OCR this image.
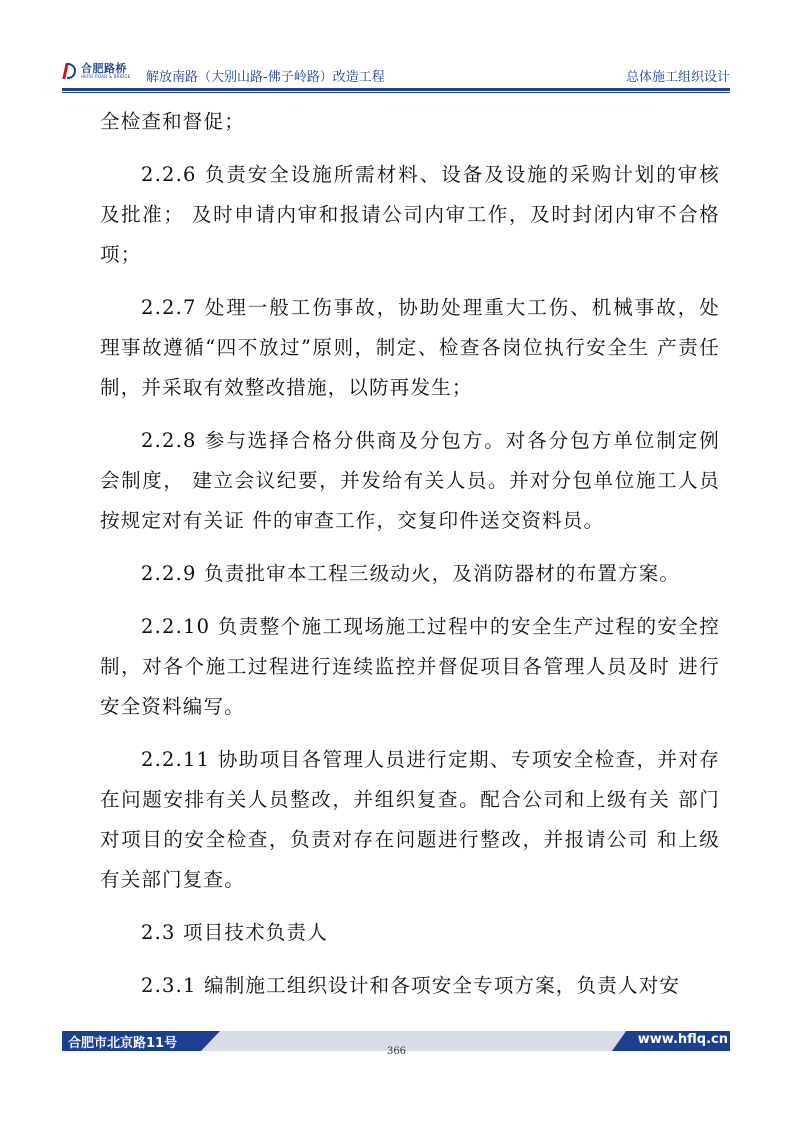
合肥路桥
HEFEI ROAD & BRIDGE 解放南路（大别山路-佛子岭路）改造工程	总体施工组织设计

全检查和督促；

2.2.6 负责安全设施所需材料、设备及设施的采购计划的审核及批准； 及时申请内审和报请公司内审工作，及时封闭内审不合格项；

2.2.7 处理一般工伤事故，协助处理重大工伤、机械事故，处理事故遵循“四不放过”原则，制定、检查各岗位执行安全生 产责任制，并采取有效整改措施，以防再发生；

2.2.8 参与选择合格分供商及分包方。对各分包方单位制定例会制度， 建立会议纪要，并发给有关人员。并对分包单位施工人员按规定对有关证 件的审查工作，交复印件送交资料员。

2.2.9 负责批审本工程三级动火，及消防器材的布置方案。

2.2.10 负责整个施工现场施工过程中的安全生产过程的安全控制，对各个施工过程进行连续监控并督促项目各管理人员及时 进行安全资料编写。

2.2.11 协助项目各管理人员进行定期、专项安全检查，并对存在问题安排有关人员整改，并组织复查。配合公司和上级有关 部门对项目的安全检查，负责对存在问题进行整改，并报请公司 和上级有关部门复查。

2.3 项目技术负责人

2.3.1 编制施工组织设计和各项安全专项方案，负责人对安

合肥市北京路11号	www.hflq.cn
366
